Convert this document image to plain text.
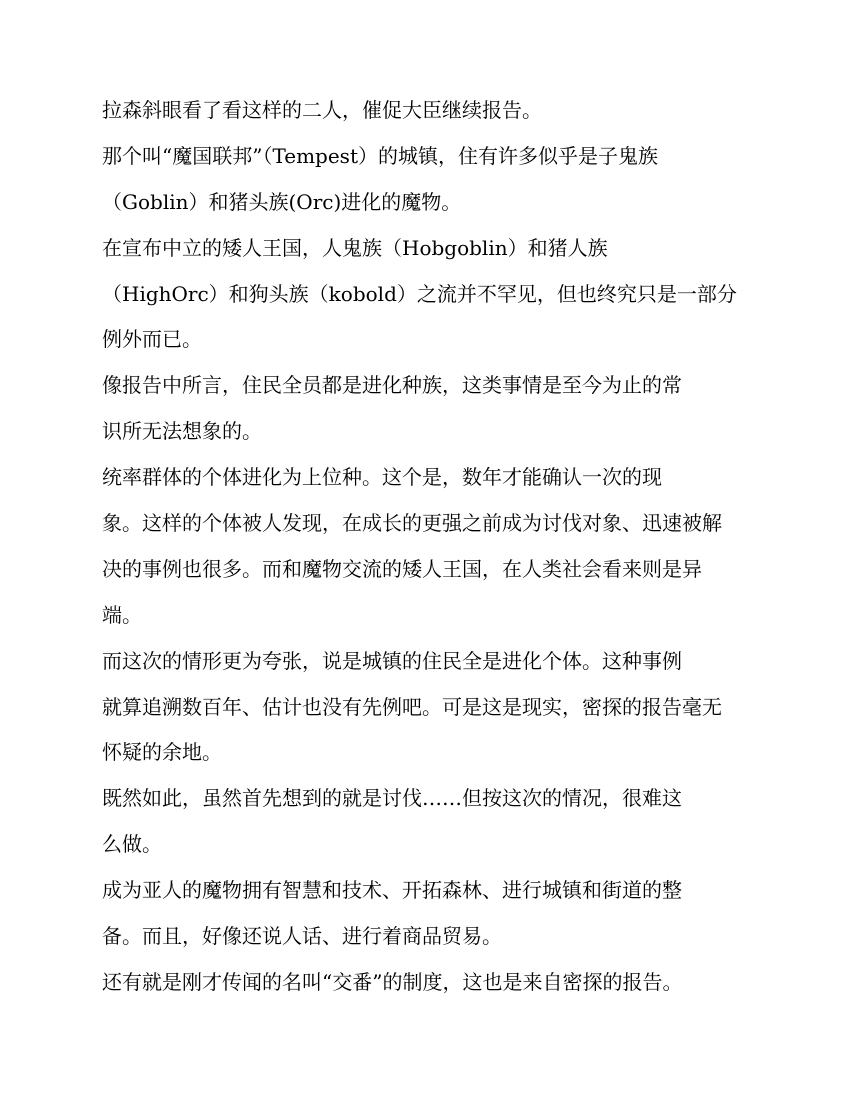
拉森斜眼看了看这样的二人，催促大臣继续报告。
那个叫“魔国联邦”（Tempest）的城镇，住有许多似乎是子鬼族
（Goblin）和猪头族(Orc)进化的魔物。
在宣布中立的矮人王国，人鬼族（Hobgoblin）和猪人族
（HighOrc）和狗头族（kobold）之流并不罕见，但也终究只是一部分
例外而已。
像报告中所言，住民全员都是进化种族，这类事情是至今为止的常
识所无法想象的。
统率群体的个体进化为上位种。这个是，数年才能确认一次的现
象。这样的个体被人发现，在成长的更强之前成为讨伐对象、迅速被解
决的事例也很多。而和魔物交流的矮人王国，在人类社会看来则是异
端。
而这次的情形更为夸张，说是城镇的住民全是进化个体。这种事例
就算追溯数百年、估计也没有先例吧。可是这是现实，密探的报告毫无
怀疑的余地。
既然如此，虽然首先想到的就是讨伐……但按这次的情况，很难这
么做。
成为亚人的魔物拥有智慧和技术、开拓森林、进行城镇和街道的整
备。而且，好像还说人话、进行着商品贸易。
还有就是刚才传闻的名叫“交番”的制度，这也是来自密探的报告。
